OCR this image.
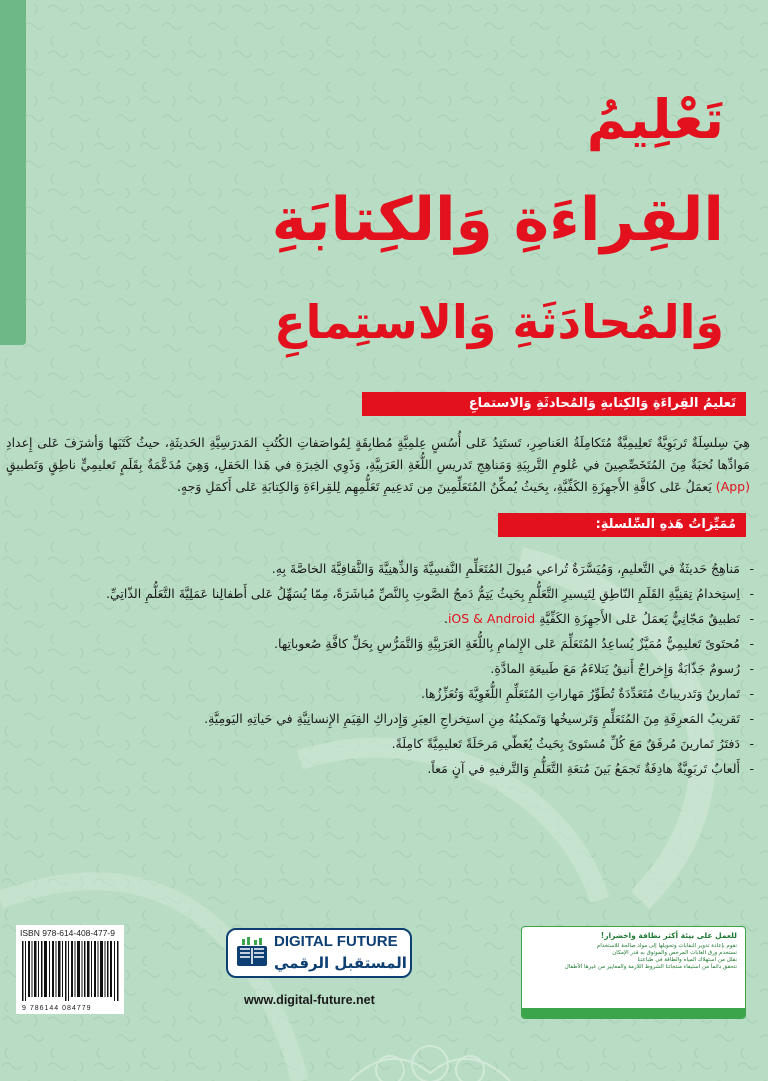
تَعْلِيمُ
القِراءَةِ وَالكِتابَةِ
وَالمُحادَثَةِ وَالاستِماعِ
تَعليمُ القِراءَةِ وَالكِتابةِ وَالمُحادثَةِ وَالاستماعِ

هِيَ سِلسِلَةٌ تَربَوِيَّةٌ تَعلِيمِيَّةٌ مُتَكامِلَةُ العَناصِرِ، تَستَنِدُ عَلى أُسُسٍ عِلمِيَّةٍ مُطابِقَةٍ لِمُواصَفاتِ الكُتُبِ المَدرَسِيَّةِ الحَديثَةِ، حيثُ كَتَبَها وَأشرَفَ عَلى إِعدادِ مَوادِّها نُخبَةٌ مِنَ المُتَخَصِّصِينَ في عُلومِ التَّربِيَةِ وَمَناهِجِ تَدريسِ اللُّغَةِ العَرَبِيَّةِ، وَذَوِي الخِبرَةِ في هَذا الحَقلِ، وَهِيَ مُدَعَّمَةٌ بِقَلَمٍ تَعليمِيٍّ ناطِقٍ وَتَطبيقٍ (App) يَعمَلُ عَلى كافَّةِ الأَجهِزَةِ الكَفِّيَّةِ، بِحَيثُ يُمكِّنُ المُتَعَلِّمِينَ مِن تَدعِيمِ تَعَلُّمِهِم لِلقِراءَةِ وَالكِتابَةِ عَلى أَكمَلِ وَجهٍ.

مُمَيِّزاتُ هَذهِ السِّلسلةِ:
- مَناهِجُ حَديثَةٌ في التَّعليمِ، وَمُيَسَّرَةٌ تُراعي مُيولَ المُتَعَلِّمِ النَّفسِيَّةَ وَالذِّهنِيَّةَ وَالثَّقافِيَّةَ الخاصَّةَ بِهِ.
- اِستِخدامُ تِقنِيَّةِ القَلَمِ النّاطِقِ لِتَيسيرِ التَّعَلُّمِ بِحَيثُ يَتِمُّ دَمجُ الصَّوتِ بِالنَّصِّ مُباشَرَةً، مِمّا يُسَهِّلُ عَلى أَطفالِنا عَمَلِيَّةَ التَّعَلُّمِ الذّاتِيِّ.
- تَطبيقٌ مَجّانِيٌّ يَعمَلُ عَلى الأَجهِزَةِ الكَفِّيَّةِ iOS & Android.
- مُحتَوىً تَعليمِيٌّ مُمَيَّزٌ يُساعِدُ المُتَعَلِّمَ عَلى الإِلمامِ بِاللُّغَةِ العَرَبِيَّةِ وَالتَّمَرُّسِ بِحَلِّ كافَّةِ صُعوباتِها.
- رُسومٌ جَذّابَةٌ وَإِخراجٌ أَنيقٌ يَتلاءَمُ مَعَ طَبيعَةِ المادَّةِ.
- تَمارينُ وَتَدريباتٌ مُتَعَدِّدَةٌ تُطَوِّرُ مَهاراتِ المُتَعَلِّمِ اللُّغَوِيَّةَ وَتُعَزِّزُها.
- تَقريبُ المَعرِفَةِ مِنَ المُتَعَلِّمِ وَتَرسيخُها وَتَمكينُهُ مِنِ استِخراجِ العِبَرِ وَإِدراكِ القِيَمِ الإِنسانِيَّةِ في حَياتِهِ اليَومِيَّةِ.
- دَفتَرُ تَمارينَ مُرفَقٌ مَعَ كُلِّ مُستَوىً بِحَيثُ يُغَطّي مَرحَلَةً تَعليمِيَّةً كامِلَةً.
- أَلعابٌ تَربَوِيَّةٌ هادِفَةٌ تَجمَعُ بَينَ مُتعَةِ التَّعَلُّمِ وَالتَّرفيهِ في آنٍ مَعاً.
ISBN 978-614-408-477-9
9 786144 084779
DIGITAL FUTURE
المستقبل الرقمي
www.digital-future.net
للعمل على بيئة أكثر نظافة واخضرار!
نقوم بإعادة تدوير النفايات وتحويلها إلى مواد صالحة للاستخدام
نستخدم ورق الغابات المرخص والموثوق به قدر الإمكان
نقلل من استهلاك المياه والطاقة في طباعتنا
نتحقق دائماً من استيفاء منتجاتنا الشروط اللازمة والمعايير من غيرها الأطفال
